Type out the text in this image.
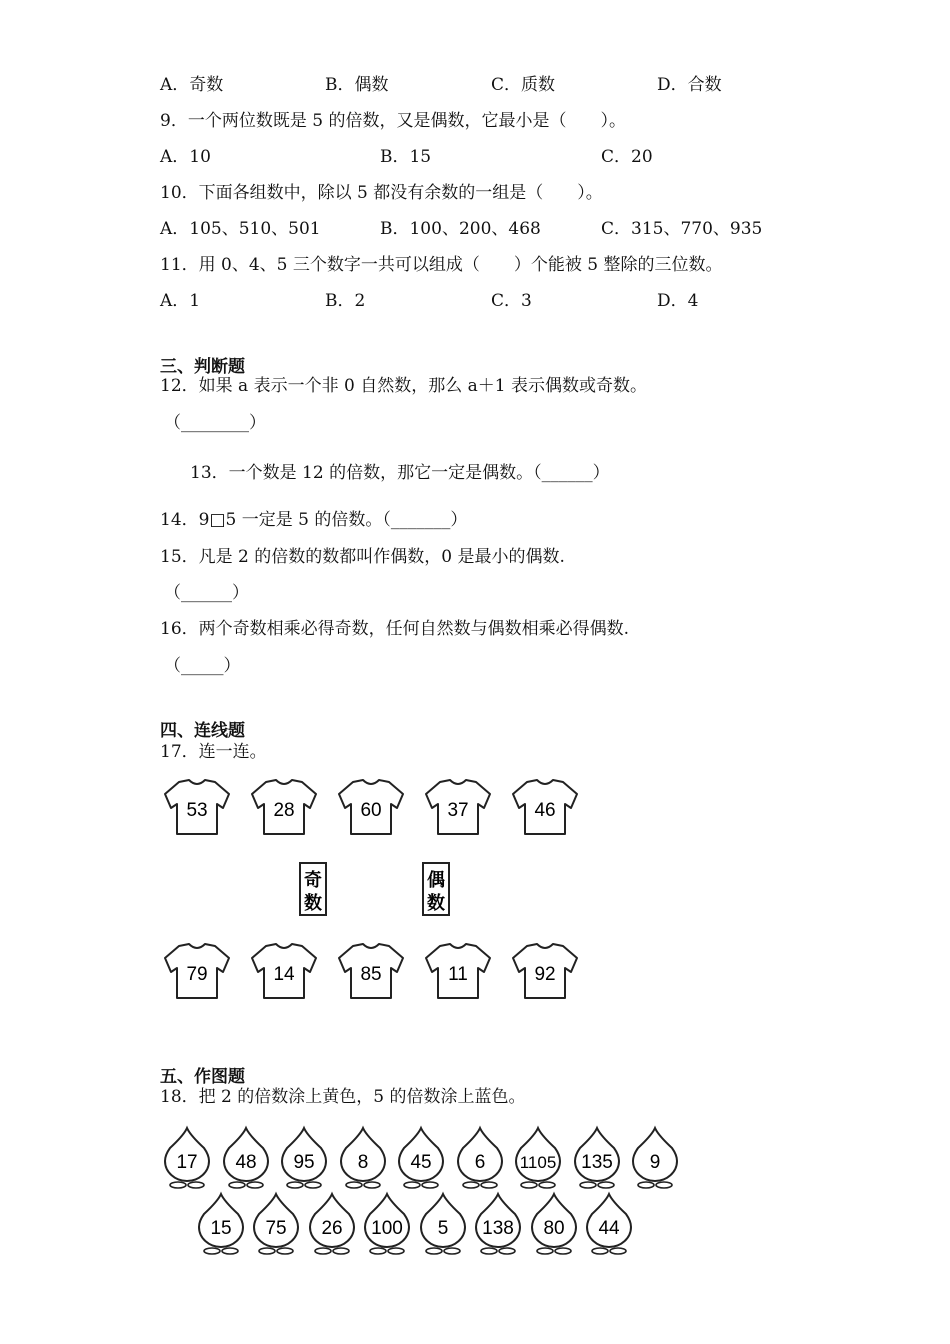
A．奇数	B．偶数	C．质数	D．合数
9．一个两位数既是 5 的倍数，又是偶数，它最小是（　　）。
A．10	B．15	C．20
10．下面各组数中，除以 5 都没有余数的一组是（　　）。
A．105、510、501	B．100、200、468	C．315、770、935
11．用 0、4、5 三个数字一共可以组成（　　）个能被 5 整除的三位数。
A．1	B．2	C．3	D．4
三、判断题
12．如果 a 表示一个非 0 自然数，那么 a＋1 表示偶数或奇数。
（________）
13．一个数是 12 的倍数，那它一定是偶数。（______）
14．9□5 一定是 5 的倍数。（_______）
15．凡是 2 的倍数的数都叫作偶数，0 是最小的偶数.
（______）
16．两个奇数相乘必得奇数，任何自然数与偶数相乘必得偶数.
（_____）
四、连线题
17．连一连。
53	28	60	37	46
奇
数
偶
数
79	14	85	11	92
五、作图题
18．把 2 的倍数涂上黄色，5 的倍数涂上蓝色。
17 48 95 8 45 6 1105 135 9
15 75 26 100 5 138 80 44
